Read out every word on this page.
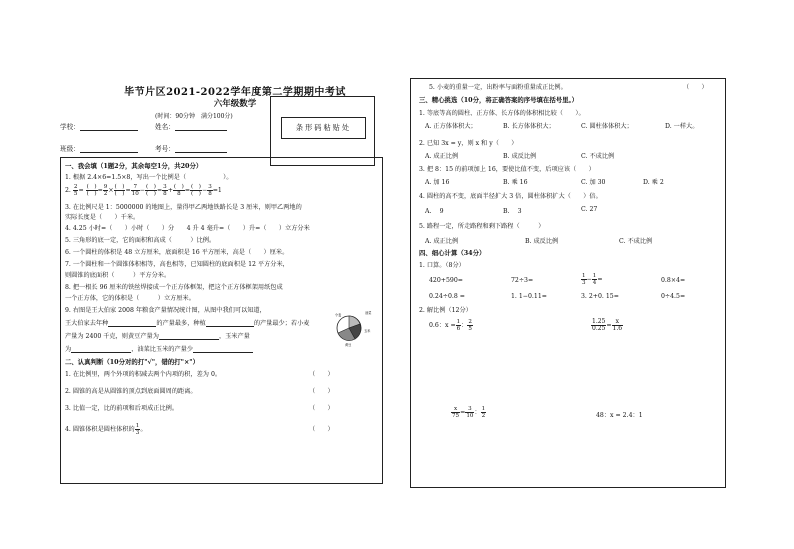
毕节片区2021-2022学年度第二学期期中考试
六年级数学
(时间：90分钟　满分100分)
学校：	姓名：
班级：	考号：
条形码粘贴处
一、我会填（1题2分，其余每空1分，共20分）
1. 根据 2.4×6=1.5×8，写出一个比例是（　　　　　　）。
2. $\frac{2}{5} = \frac{( )}{( )} = \frac{9}{2} \times \frac{( )}{( )} = \frac{7}{10} - \frac{( )}{( )} = \frac{3}{8} + \frac{( )}{8} = \frac{( )}{( )} - \frac{3}{8} =1$
3. 在比例尺是 1：5000000 的地图上，量得甲乙两地铁路长是 3 厘米，则甲乙两地的
实际长度是（　　）千米。
4. 4.25 小时=（　　）小时（　　）分　　4 升 4 毫升=（　　）升=（　　）立方分米
5. 三角形的底一定，它的面积和高成（　　　）比例。
6. 一个圆柱的体积是 48 立方厘米，底面积是 16 平方厘米，高是（　　）厘米。
7. 一个圆柱和一个圆锥体积相等，高也相等，已知圆柱的底面积是 12 平方分米，
则圆锥的底面积（　　　）平方分米。
8. 把一根长 96 厘米的铁丝焊接成一个正方体框架，把这个正方体框架用纸包成
一个正方体，它的体积是（　　　）立方厘米。
9. 右图是王大伯家 2008 年粮食产量情况统计图，从图中我们可以知道，
王大伯家去年种	的产量最多，种植	的产量最少；若小麦
产量为 2400 千克，则黄豆产量为	，玉米产量
为	，油菜比玉米的产量少
油菜
小麦
玉米
黄豆
二、认真判断（10分对的打"√"，错的打"×"）
1. 在比例里，两个外项的积减去两个内项的积，差为 0。	（　　）
2. 圆锥的高是从圆锥的顶点到底面圆周的距离。	（　　）
3. 比值一定，比的前项和后项成正比例。	（　　）
4. 圆锥体积是圆柱体积的 $\frac{1}{3}$ 。	（　　）
5. 小麦的重量一定，出粉率与面粉重量成正比例。	（　　）
三、精心挑选（10分，将正确答案的序号填在括号里。）
1. 等底等高的圆柱、正方体、长方体的体积相比较（　　）。
A. 正方体体积大；	B. 长方体体积大；	C. 圆柱体体积大；	D. 一样大。
2. 已知 3x = y，则 x 和 y（　　）
A. 成正比例	B. 成反比例	C. 不成比例
3. 把 8：15 的前项加上 16，要使比值不变，后项应该（　　）
A. 加 16	B. 乘 16	C. 加 30	D. 乘 2
4. 圆柱的高不变，底面半径扩大 3 倍，圆柱体积扩大（　　）倍。
A. 　9	B. 　3	C. 27
5. 路程一定，所走路程和剩下路程（　　　）
A. 成正比例	B. 成反比例	C. 不成比例
四、细心计算（34分）
1. 口算。（8分）
420+590=	72÷3=	$\frac{1}{3} - \frac{1}{4}$ =	0.8×4=
0.24÷0.8 =	1. 1−0.11=	3. 2+0. 15=	0÷4.5=
2. 解比例（12分）
0.6：$x = \frac{1}{6}$ ： $\frac{2}{5}$	$\frac{1.25}{0.25} = \frac{x}{1.6}$
$\frac{x}{75} = \frac{3}{10}$ ： $\frac{1}{2}$	48：x = 2.4：1
